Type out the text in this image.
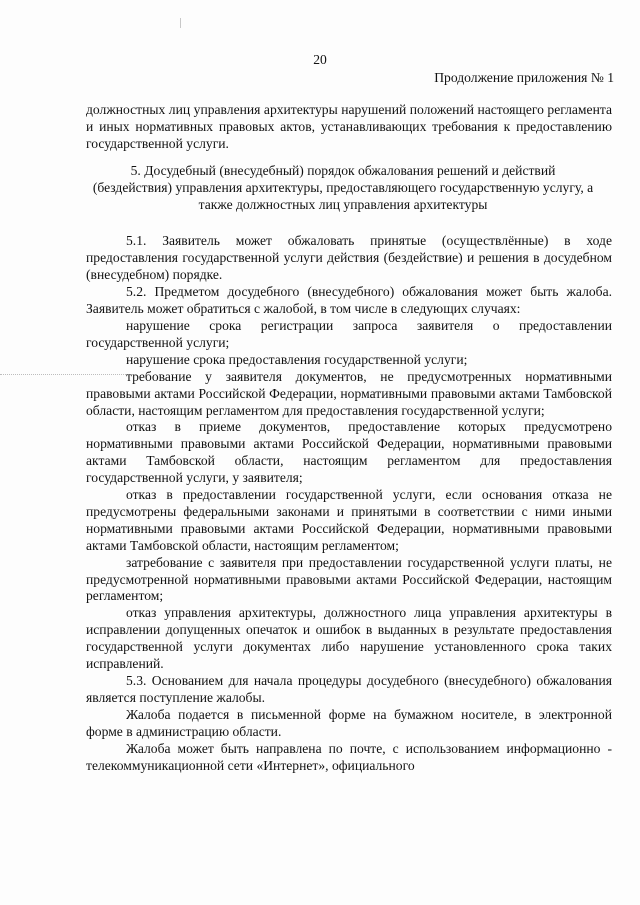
20
Продолжение приложения № 1

должностных лиц управления архитектуры нарушений положений настоящего регламента и иных нормативных правовых актов, устанавливающих требования к предоставлению государственной услуги.

5. Досудебный (внесудебный) порядок обжалования решений и действий (бездействия) управления архитектуры, предоставляющего государственную услугу, а также должностных лиц управления архитектуры

5.1. Заявитель может обжаловать принятые (осуществлённые) в ходе предоставления государственной услуги действия (бездействие) и решения в досудебном (внесудебном) порядке.

5.2. Предметом досудебного (внесудебного) обжалования может быть жалоба. Заявитель может обратиться с жалобой, в том числе в следующих случаях:

нарушение срока регистрации запроса заявителя о предоставлении государственной услуги;

нарушение срока предоставления государственной услуги;

требование у заявителя документов, не предусмотренных нормативными правовыми актами Российской Федерации, нормативными правовыми актами Тамбовской области, настоящим регламентом для предоставления государственной услуги;

отказ в приеме документов, предоставление которых предусмотрено нормативными правовыми актами Российской Федерации, нормативными правовыми актами Тамбовской области, настоящим регламентом для предоставления государственной услуги, у заявителя;

отказ в предоставлении государственной услуги, если основания отказа не предусмотрены федеральными законами и принятыми в соответствии с ними иными нормативными правовыми актами Российской Федерации, нормативными правовыми актами Тамбовской области, настоящим регламентом;

затребование с заявителя при предоставлении государственной услуги платы, не предусмотренной нормативными правовыми актами Российской Федерации, настоящим регламентом;

отказ управления архитектуры, должностного лица управления архитектуры в исправлении допущенных опечаток и ошибок в выданных в результате предоставления государственной услуги документах либо нарушение установленного срока таких исправлений.

5.3. Основанием для начала процедуры досудебного (внесудебного) обжалования является поступление жалобы.

Жалоба подается в письменной форме на бумажном носителе, в электронной форме в администрацию области.

Жалоба может быть направлена по почте, с использованием информационно - телекоммуникационной сети «Интернет», официального
